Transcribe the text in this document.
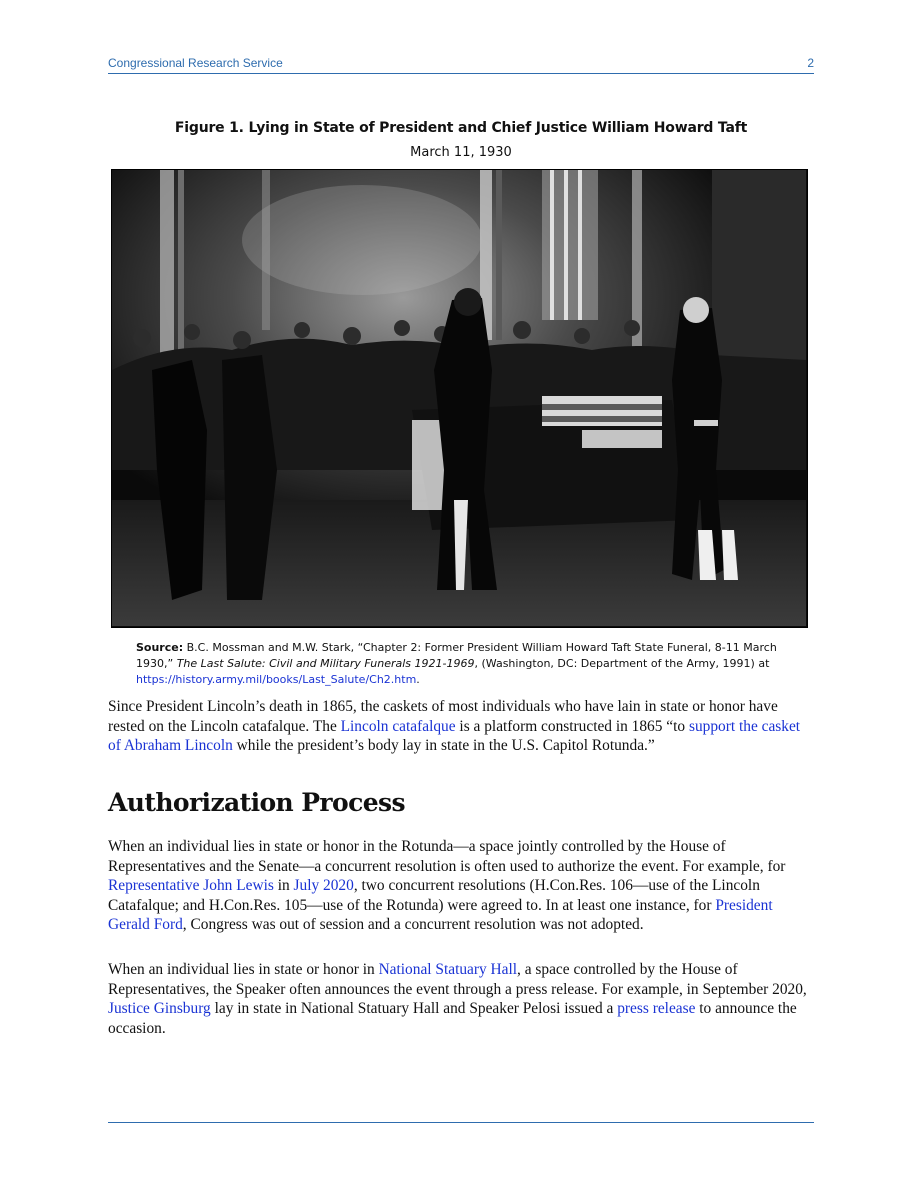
Congressional Research Service	2
Figure 1. Lying in State of President and Chief Justice William Howard Taft
March 11, 1930
Source: B.C. Mossman and M.W. Stark, “Chapter 2: Former President William Howard Taft State Funeral, 8-11 March 1930,” The Last Salute: Civil and Military Funerals 1921-1969, (Washington, DC: Department of the Army, 1991) at https://history.army.mil/books/Last_Salute/Ch2.htm.
Since President Lincoln’s death in 1865, the caskets of most individuals who have lain in state or honor have rested on the Lincoln catafalque. The Lincoln catafalque is a platform constructed in 1865 “to support the casket of Abraham Lincoln while the president’s body lay in state in the U.S. Capitol Rotunda.”
Authorization Process
When an individual lies in state or honor in the Rotunda—a space jointly controlled by the House of Representatives and the Senate—a concurrent resolution is often used to authorize the event. For example, for Representative John Lewis in July 2020, two concurrent resolutions (H.Con.Res. 106—use of the Lincoln Catafalque; and H.Con.Res. 105—use of the Rotunda) were agreed to. In at least one instance, for President Gerald Ford, Congress was out of session and a concurrent resolution was not adopted.
When an individual lies in state or honor in National Statuary Hall, a space controlled by the House of Representatives, the Speaker often announces the event through a press release. For example, in September 2020, Justice Ginsburg lay in state in National Statuary Hall and Speaker Pelosi issued a press release to announce the occasion.
